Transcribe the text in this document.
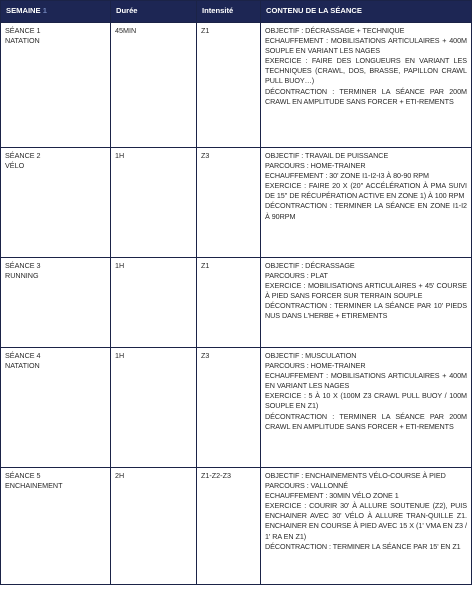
SEMAINE 1	Durée	Intensité	CONTENU DE LA SÉANCE

SÉANCE 1
NATATION	45MIN	Z1	OBJECTIF : DÉCRASSAGE + TECHNIQUE
ECHAUFFEMENT : MOBILISATIONS ARTICULAIRES + 400M SOUPLE EN VARIANT LES NAGES
EXERCICE : FAIRE DES LONGUEURS EN VARIANT LES TECHNIQUES (CRAWL, DOS, BRASSE, PAPILLON CRAWL PULL BUOY…)
DÉCONTRACTION : TERMINER LA SÉANCE PAR 200M CRAWL EN AMPLITUDE SANS FORCER + ETI-REMENTS

SÉANCE 2
VÉLO	1H	Z3	OBJECTIF : TRAVAIL DE PUISSANCE
PARCOURS : HOME-TRAINER
ECHAUFFEMENT : 30' ZONE I1-I2-I3 À 80-90 RPM
EXERCICE : FAIRE 20 X (20'' ACCÉLÉRATION À PMA SUIVI DE 15'' DE RÉCUPÉRATION ACTIVE EN ZONE 1) À 100 RPM
DÉCONTRACTION : TERMINER LA SÉANCE EN ZONE I1-I2 À 90RPM

SÉANCE 3
RUNNING	1H	Z1	OBJECTIF : DÉCRASSAGE
PARCOURS : PLAT
EXERCICE : MOBILISATIONS ARTICULAIRES + 45' COURSE À PIED SANS FORCER SUR TERRAIN SOUPLE
DÉCONTRACTION : TERMINER LA SÉANCE PAR 10' PIEDS NUS DANS L'HERBE + ETIREMENTS

SÉANCE 4
NATATION	1H	Z3	OBJECTIF : MUSCULATION
PARCOURS : HOME-TRAINER
ECHAUFFEMENT : MOBILISATIONS ARTICULAIRES + 400M EN VARIANT LES NAGES
EXERCICE : 5 À 10 X (100M Z3 CRAWL PULL BUOY / 100M SOUPLE EN Z1)
DÉCONTRACTION : TERMINER LA SÉANCE PAR 200M CRAWL EN AMPLITUDE SANS FORCER + ETI-REMENTS

SÉANCE 5
ENCHAINEMENT	2H	Z1-Z2-Z3	OBJECTIF : ENCHAINEMENTS VÉLO-COURSE À PIED
PARCOURS : VALLONNÉ
ECHAUFFEMENT : 30MIN VÉLO ZONE 1
EXERCICE : COURIR 30' À ALLURE SOUTENUE (Z2), PUIS ENCHAINER AVEC 30' VÉLO À ALLURE TRAN-QUILLE Z1. ENCHAINER EN COURSE À PIED AVEC 15 X (1' VMA EN Z3 / 1' RA EN Z1)
DÉCONTRACTION : TERMINER LA SÉANCE PAR 15' EN Z1
